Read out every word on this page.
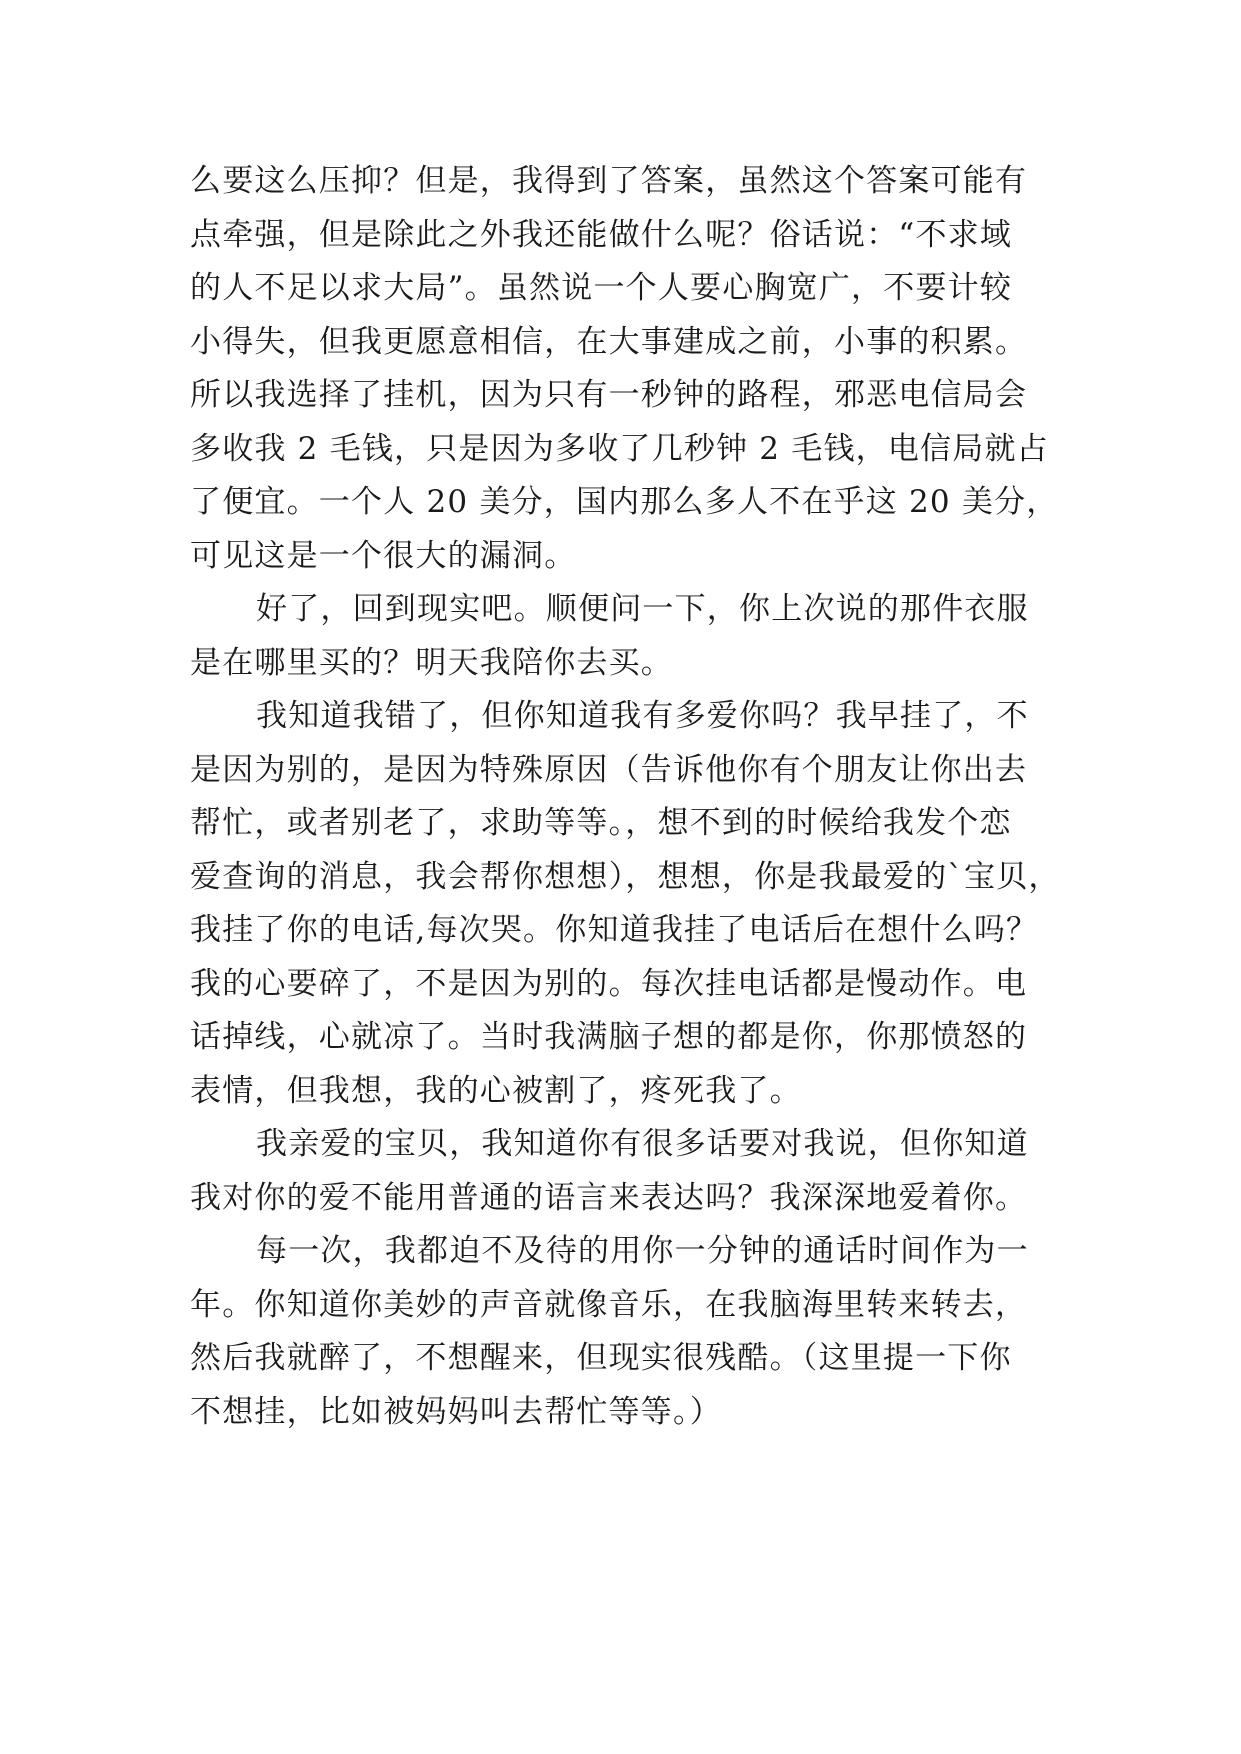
么要这么压抑？但是，我得到了答案，虽然这个答案可能有
点牵强，但是除此之外我还能做什么呢？俗话说：“不求域
的人不足以求大局”。虽然说一个人要心胸宽广，不要计较
小得失，但我更愿意相信，在大事建成之前，小事的积累。
所以我选择了挂机，因为只有一秒钟的路程，邪恶电信局会
多收我 2 毛钱，只是因为多收了几秒钟 2 毛钱，电信局就占
了便宜。一个人 20 美分，国内那么多人不在乎这 20 美分，
可见这是一个很大的漏洞。
好了，回到现实吧。顺便问一下，你上次说的那件衣服
是在哪里买的？明天我陪你去买。
我知道我错了，但你知道我有多爱你吗？我早挂了，不
是因为别的，是因为特殊原因（告诉他你有个朋友让你出去
帮忙，或者别老了，求助等等。，想不到的时候给我发个恋
爱查询的消息，我会帮你想想），想想，你是我最爱的`宝贝，
我挂了你的电话,每次哭。你知道我挂了电话后在想什么吗？
我的心要碎了，不是因为别的。每次挂电话都是慢动作。电
话掉线，心就凉了。当时我满脑子想的都是你，你那愤怒的
表情，但我想，我的心被割了，疼死我了。
我亲爱的宝贝，我知道你有很多话要对我说，但你知道
我对你的爱不能用普通的语言来表达吗？我深深地爱着你。
每一次，我都迫不及待的用你一分钟的通话时间作为一
年。你知道你美妙的声音就像音乐，在我脑海里转来转去，
然后我就醉了，不想醒来，但现实很残酷。（这里提一下你
不想挂，比如被妈妈叫去帮忙等等。）
